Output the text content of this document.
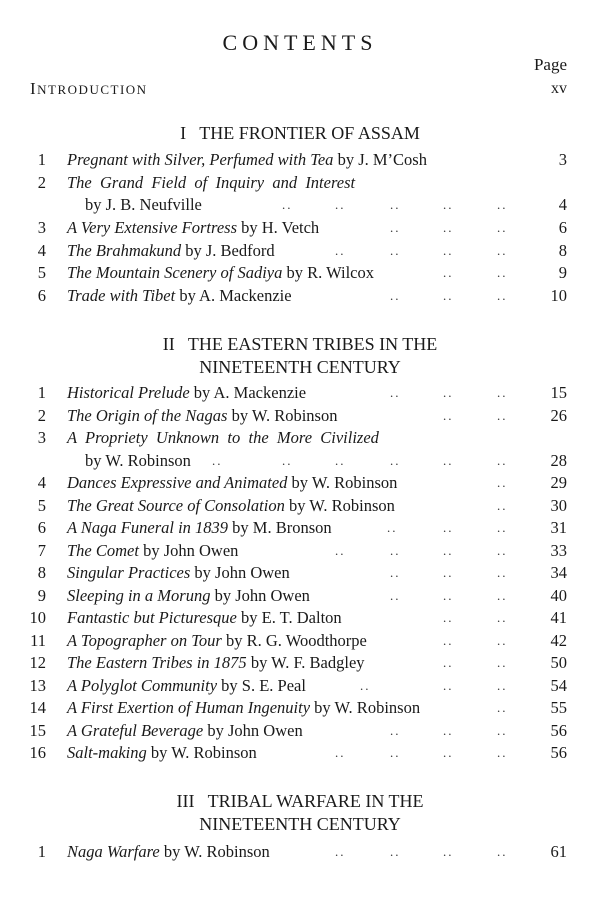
CONTENTS
Page
INTRODUCTION	xv
I   THE FRONTIER OF ASSAM
1 Pregnant with Silver, Perfumed with Tea by J. M’Cosh	3
2 The  Grand  Field  of  Inquiry  and  Interest
by J. B. Neufville	..	..	..	..	..	4
3 A Very Extensive Fortress by H. Vetch	..	..	..	6
4 The Brahmakund by J. Bedford	..	..	..	..	8
5 The Mountain Scenery of Sadiya by R. Wilcox	..	..	9
6 Trade with Tibet by A. Mackenzie	..	..	..	10
II   THE EASTERN TRIBES IN THE
NINETEENTH CENTURY
1 Historical Prelude by A. Mackenzie	..	..	..	15
2 The Origin of the Nagas by W. Robinson	..	..	26
3 A  Propriety  Unknown  to  the  More  Civilized
by W. Robinson ..	..	..	..	..	..	28
4 Dances Expressive and Animated by W. Robinson	..	29
5 The Great Source of Consolation by W. Robinson	..	30
6 A Naga Funeral in 1839 by M. Bronson	..	..	..	31
7 The Comet by John Owen	..	..	..	..	33
8 Singular Practices by John Owen	..	..	..	34
9 Sleeping in a Morung by John Owen	..	..	..	40
10 Fantastic but Picturesque by E. T. Dalton	..	..	41
11 A Topographer on Tour by R. G. Woodthorpe	..	..	42
12 The Eastern Tribes in 1875 by W. F. Badgley	..	..	50
13 A Polyglot Community by S. E. Peal	..	..	..	54
14 A First Exertion of Human Ingenuity by W. Robinson	..	55
15 A Grateful Beverage by John Owen	..	..	..	56
16 Salt-making by W. Robinson	..	..	..	..	56
III   TRIBAL WARFARE IN THE
NINETEENTH CENTURY
1 Naga Warfare by W. Robinson	..	..	..	..	61
